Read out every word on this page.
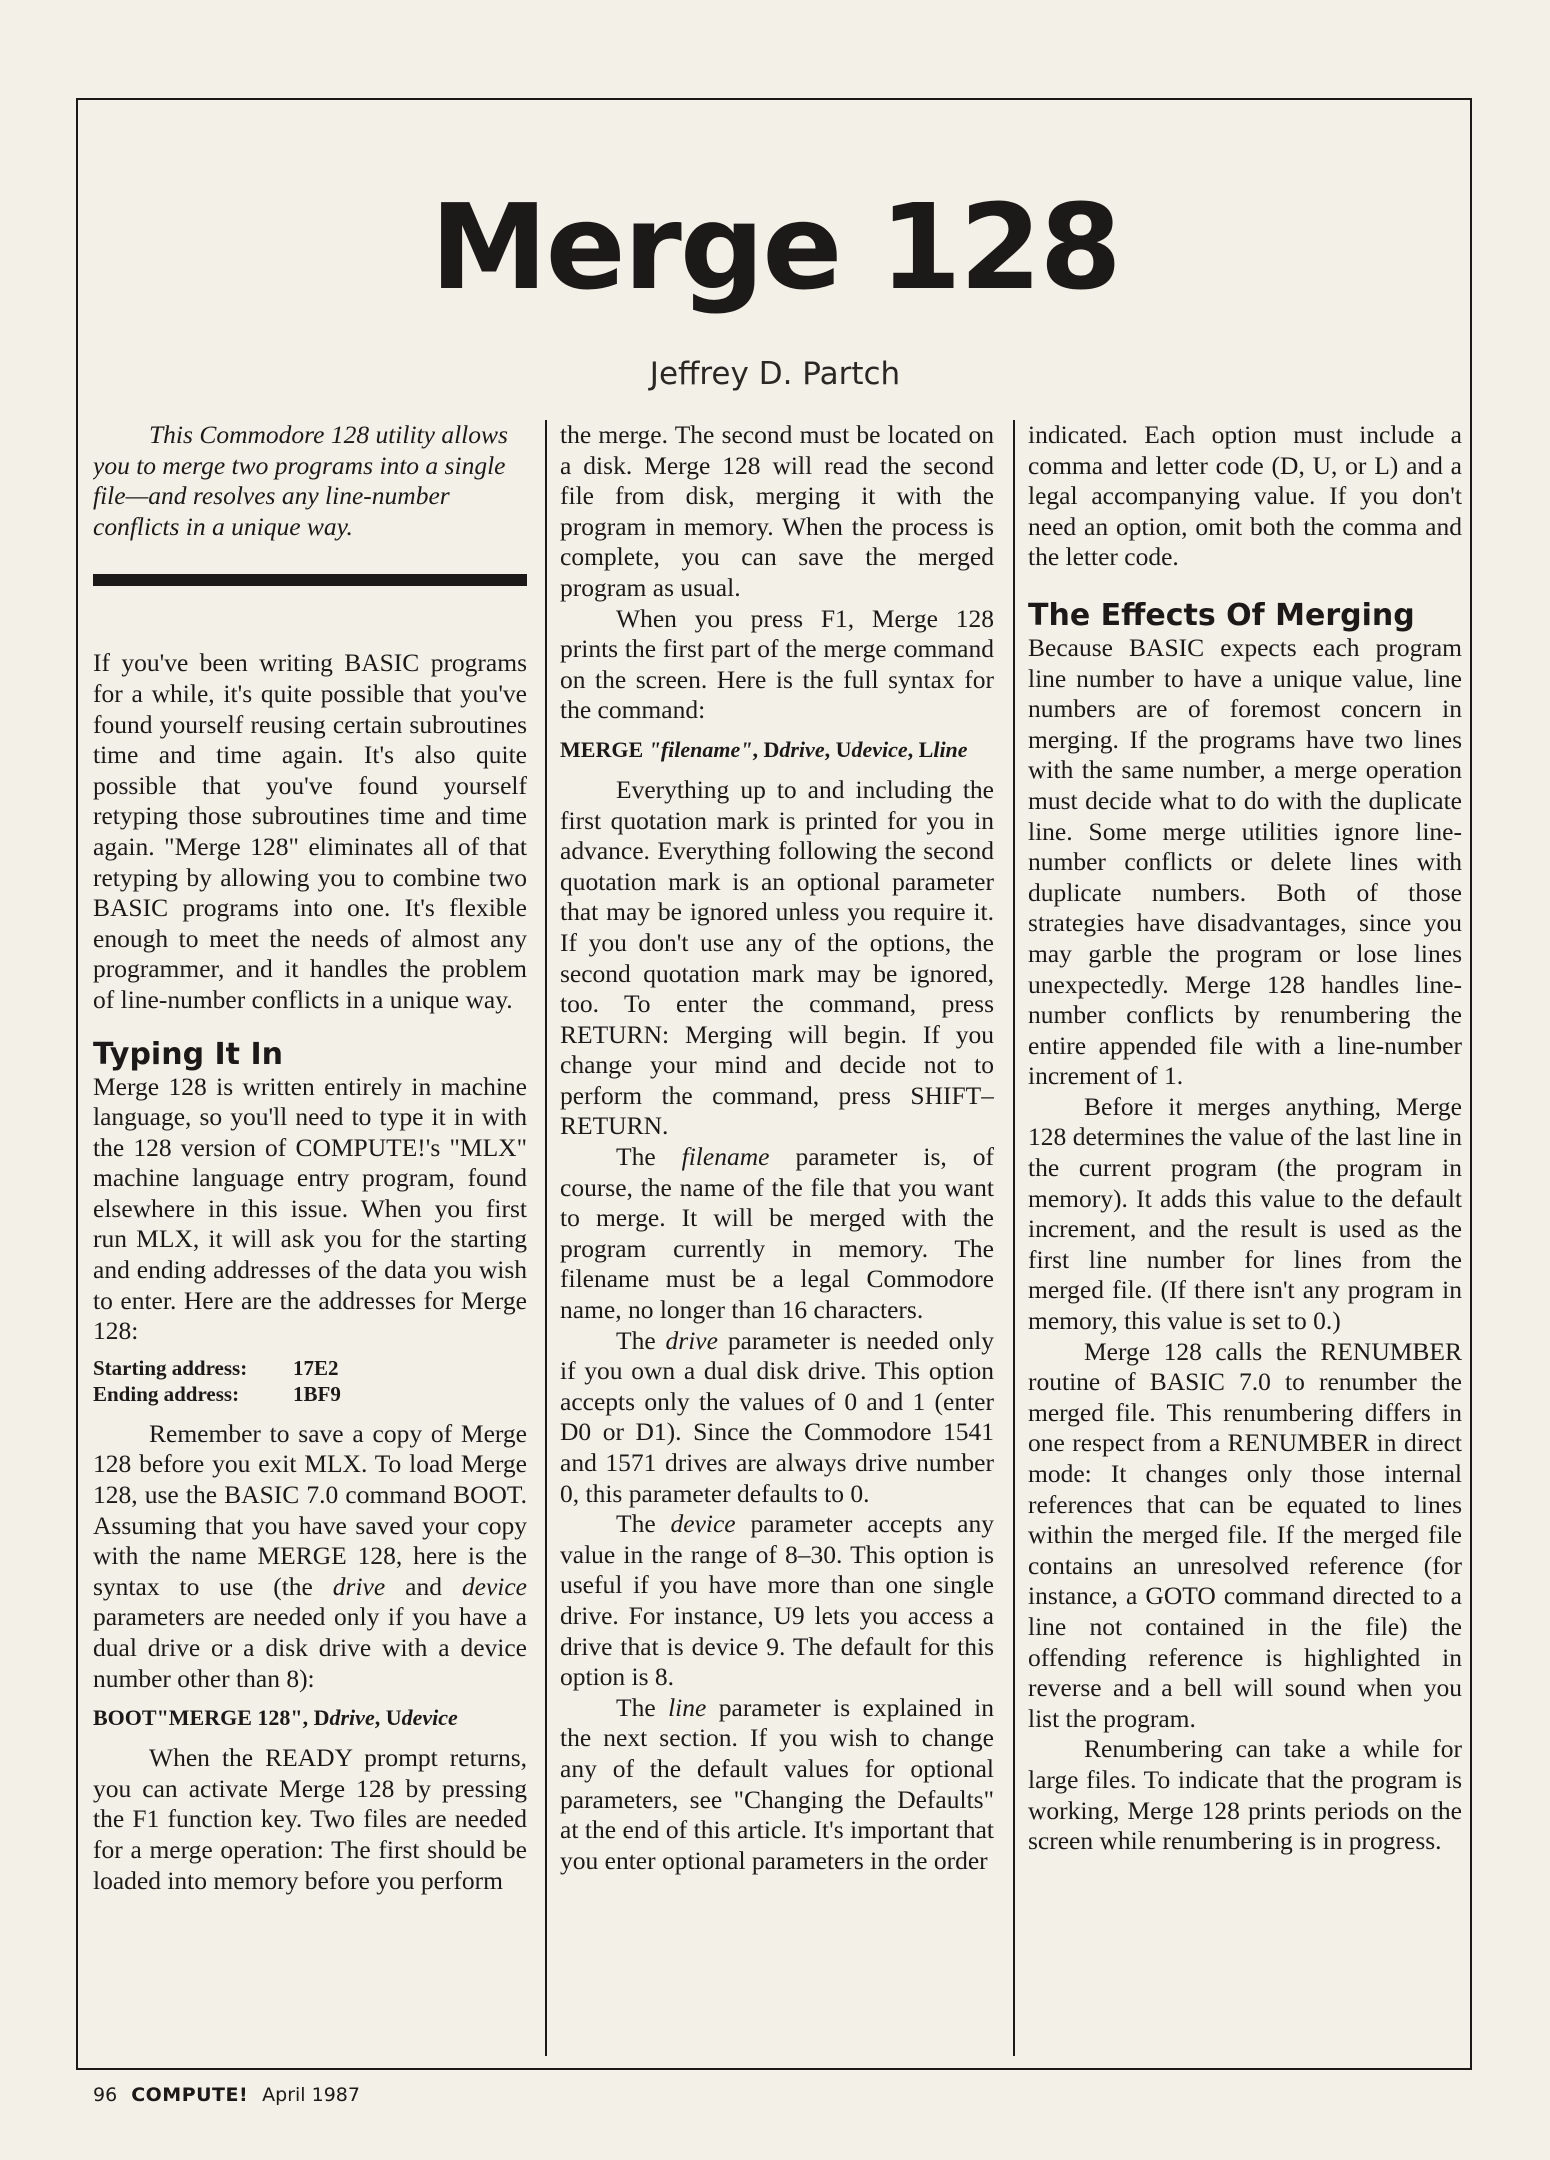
Merge 128
Jeffrey D. Partch

This Commodore 128 utility allows you to merge two programs into a single file—and resolves any line-number conflicts in a unique way.

If you've been writing BASIC programs for a while, it's quite possible that you've found yourself reusing certain subroutines time and time again. It's also quite possible that you've found yourself retyping those subroutines time and time again. "Merge 128" eliminates all of that retyping by allowing you to combine two BASIC programs into one. It's flexible enough to meet the needs of almost any programmer, and it handles the problem of line-number conflicts in a unique way.

Typing It In

Merge 128 is written entirely in machine language, so you'll need to type it in with the 128 version of COMPUTE!'s "MLX" machine language entry program, found elsewhere in this issue. When you first run MLX, it will ask you for the starting and ending addresses of the data you wish to enter. Here are the addresses for Merge 128:

Starting address: 17E2
Ending address:	1BF9

Remember to save a copy of Merge 128 before you exit MLX. To load Merge 128, use the BASIC 7.0 command BOOT. Assuming that you have saved your copy with the name MERGE 128, here is the syntax to use (the drive and device parameters are needed only if you have a dual drive or a disk drive with a device number other than 8):

BOOT"MERGE 128", Ddrive, Udevice

When the READY prompt returns, you can activate Merge 128 by pressing the F1 function key. Two files are needed for a merge operation: The first should be loaded into memory before you perform

the merge. The second must be located on a disk. Merge 128 will read the second file from disk, merging it with the program in memory. When the process is complete, you can save the merged program as usual.

When you press F1, Merge 128 prints the first part of the merge command on the screen. Here is the full syntax for the command:

MERGE "filename", Ddrive, Udevice, Lline

Everything up to and including the first quotation mark is printed for you in advance. Everything following the second quotation mark is an optional parameter that may be ignored unless you require it. If you don't use any of the options, the second quotation mark may be ignored, too. To enter the command, press RETURN: Merging will begin. If you change your mind and decide not to perform the command, press SHIFT–RETURN.

The filename parameter is, of course, the name of the file that you want to merge. It will be merged with the program currently in memory. The filename must be a legal Commodore name, no longer than 16 characters.

The drive parameter is needed only if you own a dual disk drive. This option accepts only the values of 0 and 1 (enter D0 or D1). Since the Commodore 1541 and 1571 drives are always drive number 0, this parameter defaults to 0.

The device parameter accepts any value in the range of 8–30. This option is useful if you have more than one single drive. For instance, U9 lets you access a drive that is device 9. The default for this option is 8.

The line parameter is explained in the next section. If you wish to change any of the default values for optional parameters, see "Changing the Defaults" at the end of this article. It's important that you enter optional parameters in the order

indicated. Each option must include a comma and letter code (D, U, or L) and a legal accompanying value. If you don't need an option, omit both the comma and the letter code.

The Effects Of Merging

Because BASIC expects each program line number to have a unique value, line numbers are of foremost concern in merging. If the programs have two lines with the same number, a merge operation must decide what to do with the duplicate line. Some merge utilities ignore line-number conflicts or delete lines with duplicate numbers. Both of those strategies have disadvantages, since you may garble the program or lose lines unexpectedly. Merge 128 handles line-number conflicts by renumbering the entire appended file with a line-number increment of 1.

Before it merges anything, Merge 128 determines the value of the last line in the current program (the program in memory). It adds this value to the default increment, and the result is used as the first line number for lines from the merged file. (If there isn't any program in memory, this value is set to 0.)

Merge 128 calls the RENUMBER routine of BASIC 7.0 to renumber the merged file. This renumbering differs in one respect from a RENUMBER in direct mode: It changes only those internal references that can be equated to lines within the merged file. If the merged file contains an unresolved reference (for instance, a GOTO command directed to a line not contained in the file) the offending reference is highlighted in reverse and a bell will sound when you list the program.

Renumbering can take a while for large files. To indicate that the program is working, Merge 128 prints periods on the screen while renumbering is in progress.

96 COMPUTE! April 1987
